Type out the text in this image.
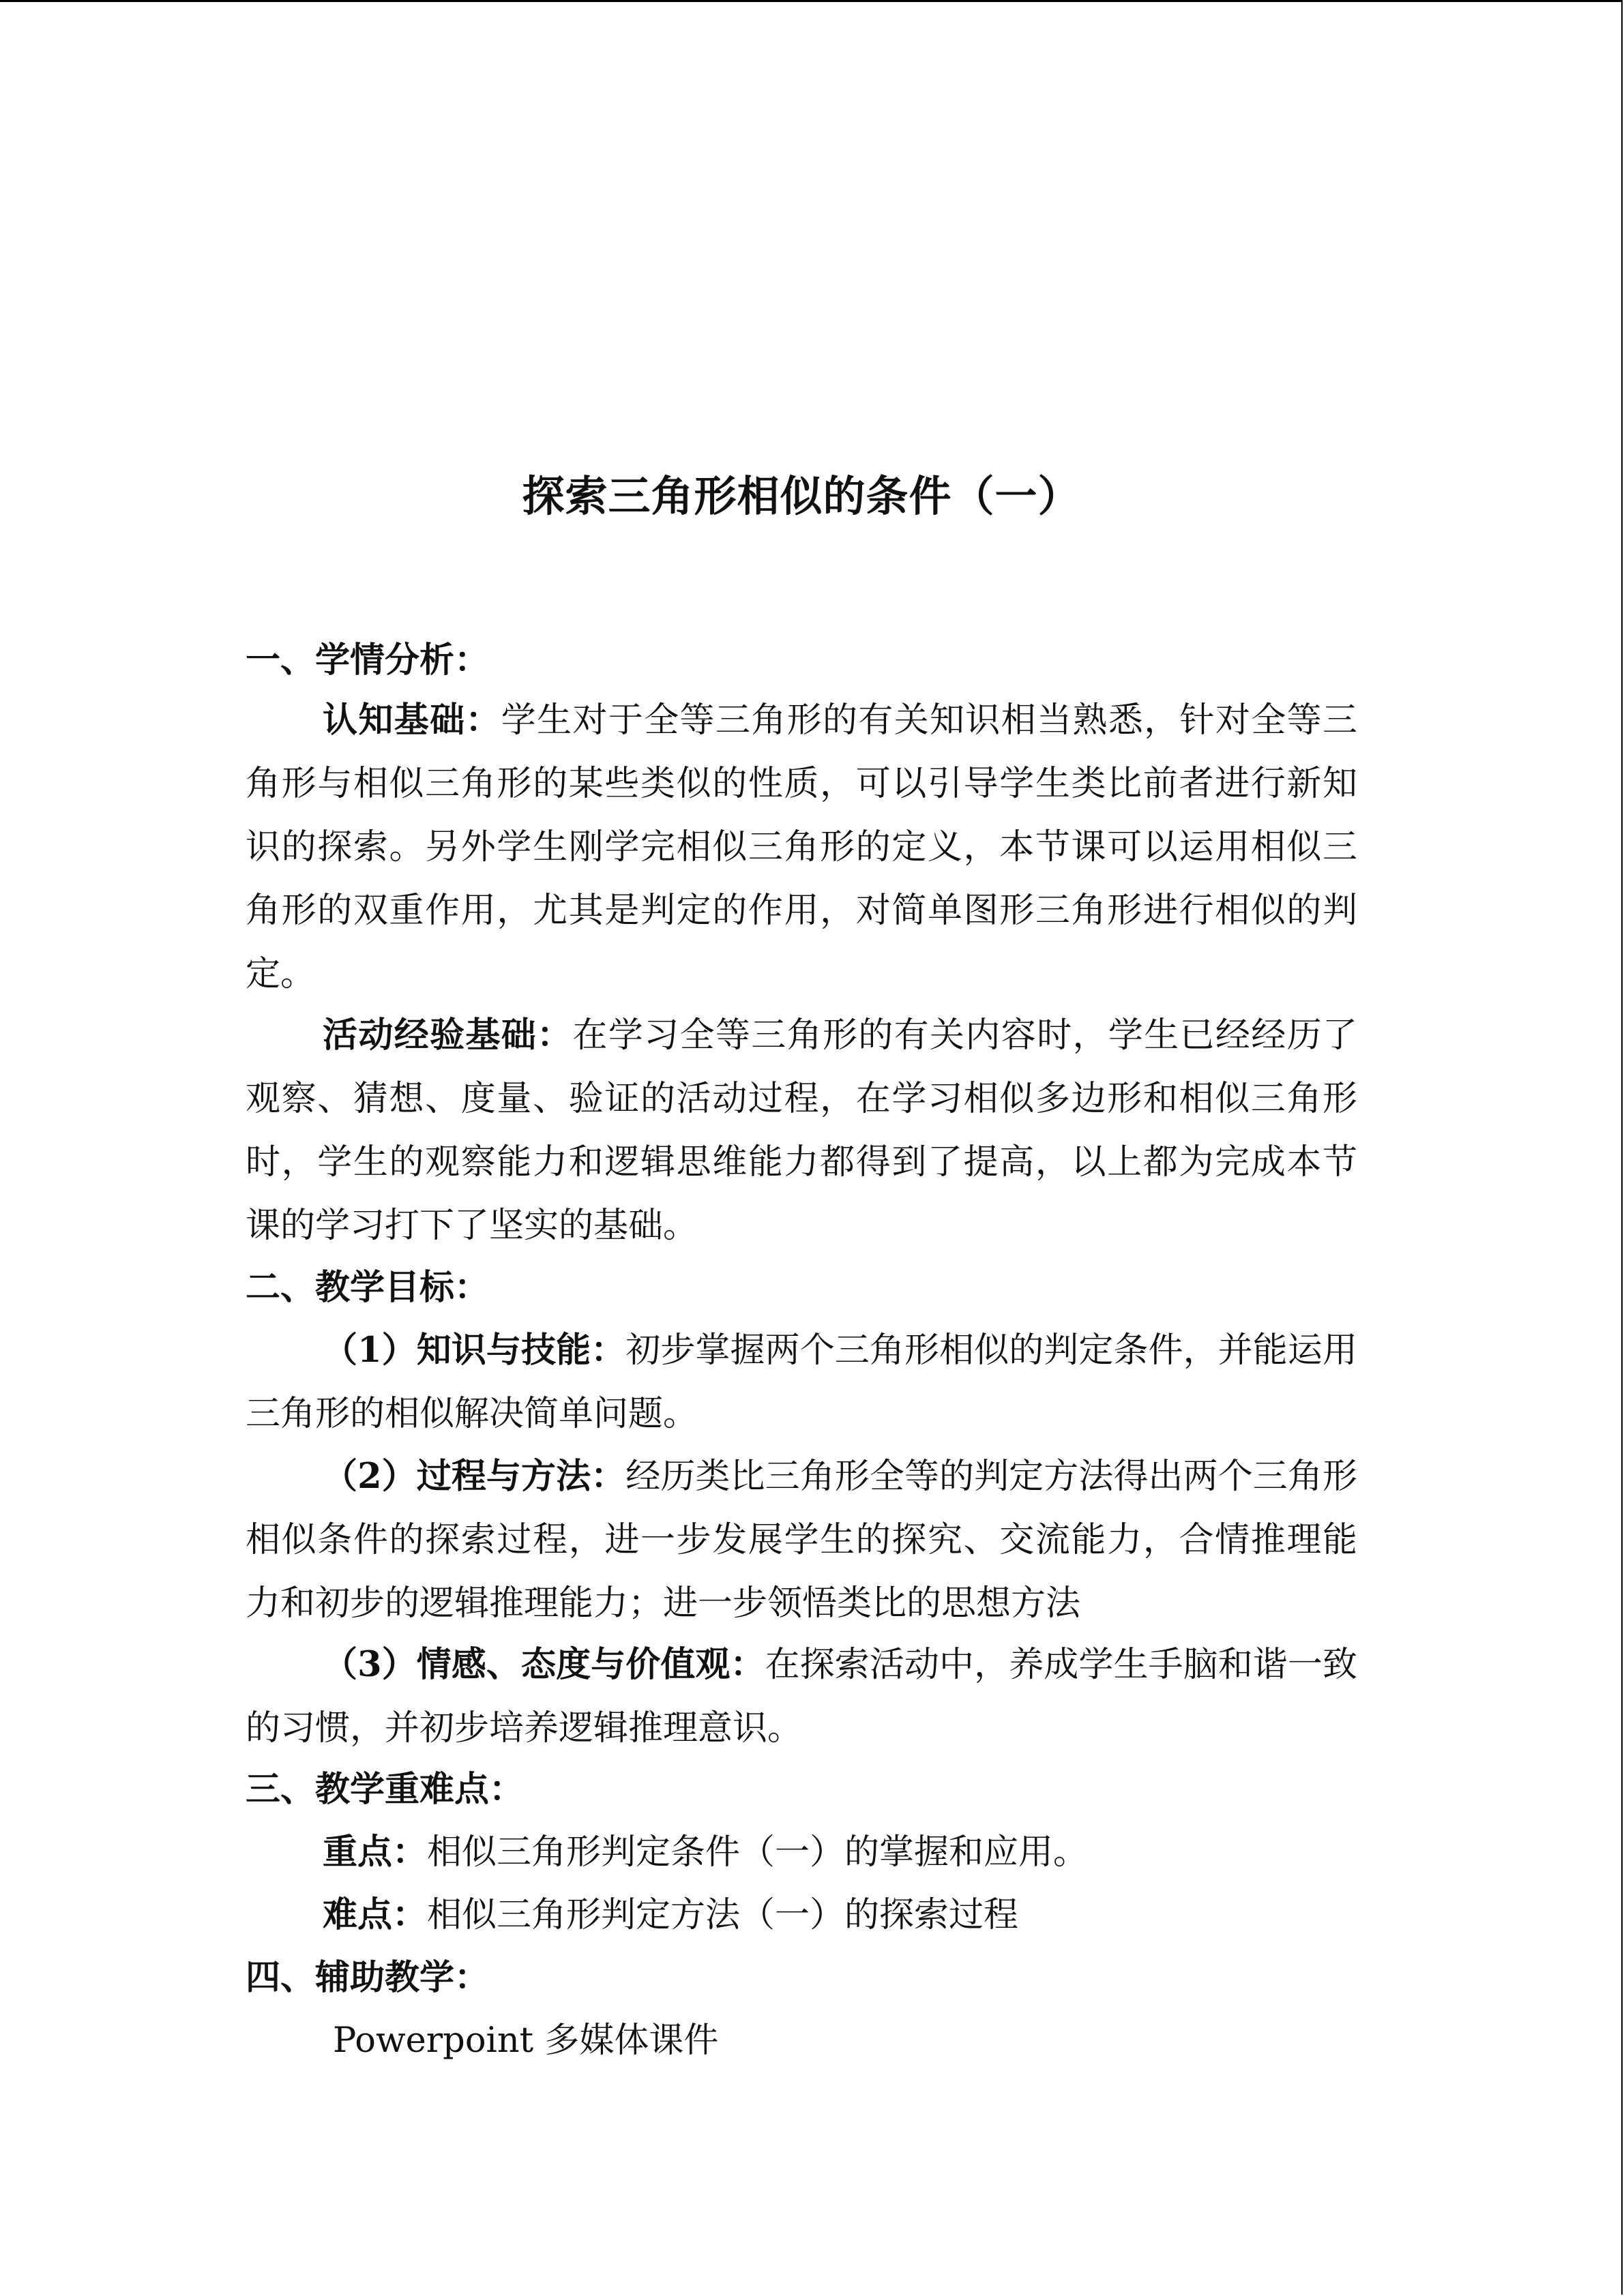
探索三角形相似的条件（一）
一、学情分析：
认知基础：学生对于全等三角形的有关知识相当熟悉，针对全等三角形与相似三角形的某些类似的性质，可以引导学生类比前者进行新知识的探索。另外学生刚学完相似三角形的定义，本节课可以运用相似三角形的双重作用，尤其是判定的作用，对简单图形三角形进行相似的判定。
活动经验基础：在学习全等三角形的有关内容时，学生已经经历了观察、猜想、度量、验证的活动过程，在学习相似多边形和相似三角形时，学生的观察能力和逻辑思维能力都得到了提高，以上都为完成本节课的学习打下了坚实的基础。
二、教学目标：
（1）知识与技能：初步掌握两个三角形相似的判定条件，并能运用三角形的相似解决简单问题。
（2）过程与方法：经历类比三角形全等的判定方法得出两个三角形相似条件的探索过程，进一步发展学生的探究、交流能力，合情推理能力和初步的逻辑推理能力；进一步领悟类比的思想方法
（3）情感、态度与价值观：在探索活动中，养成学生手脑和谐一致的习惯，并初步培养逻辑推理意识。
三、教学重难点：
重点：相似三角形判定条件（一）的掌握和应用。
难点：相似三角形判定方法（一）的探索过程
四、辅助教学：
Powerpoint 多媒体课件
